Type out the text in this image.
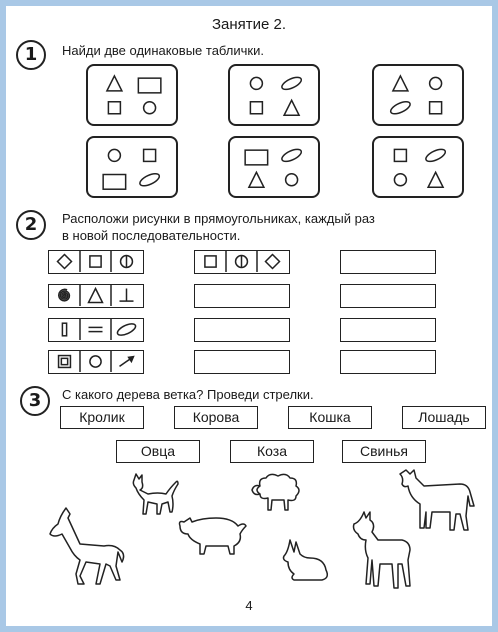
Занятие 2.
1	Найди две одинаковые таблички.
2	Расположи рисунки в прямоугольниках, каждый раз
в новой последовательности.
3	С какого дерева ветка? Проведи стрелки.
Кролик	Корова	Кошка	Лошадь
Овца	Коза	Свинья
4
